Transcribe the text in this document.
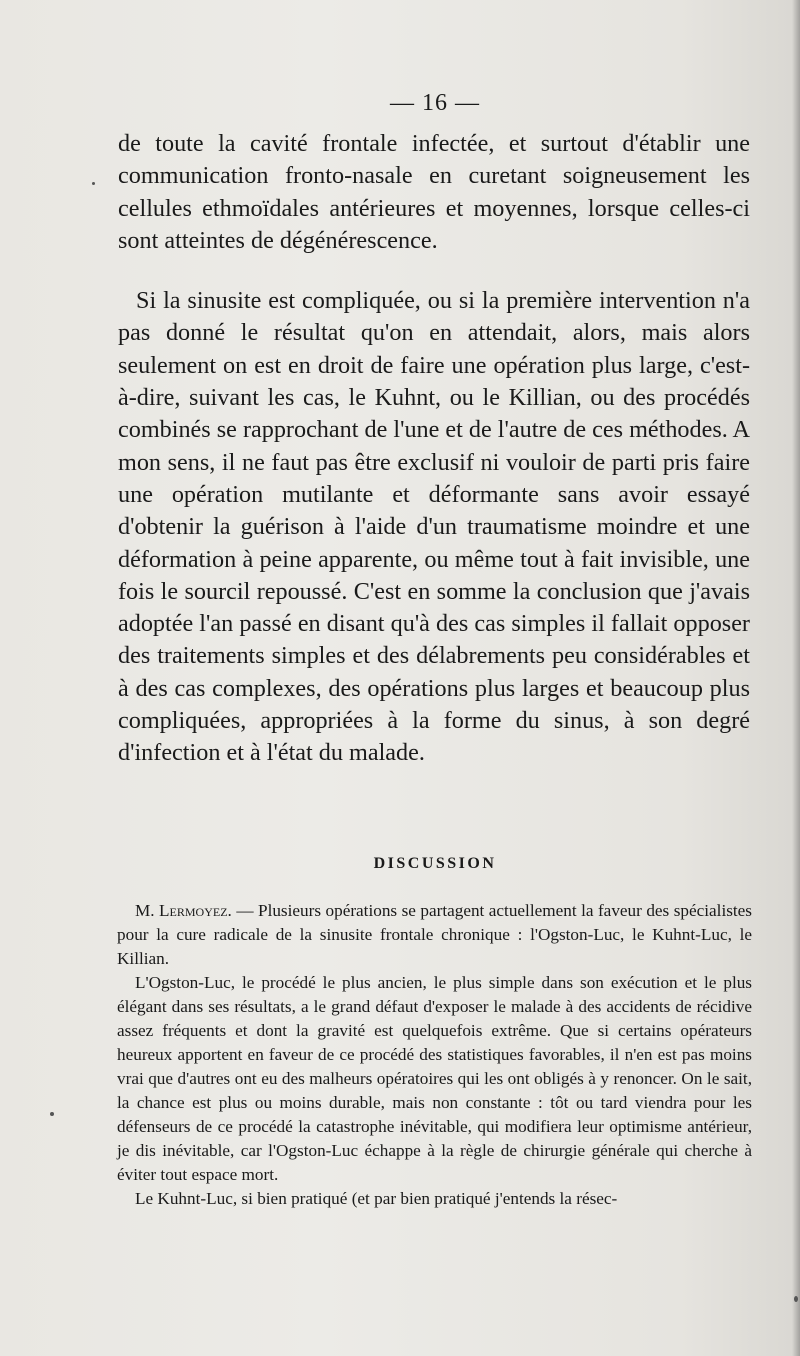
— 16 —

de toute la cavité frontale infectée, et surtout d'établir une communication fronto-nasale en curetant soigneusement les cellules ethmoïdales antérieures et moyennes, lorsque celles-ci sont atteintes de dégénérescence.

Si la sinusite est compliquée, ou si la première intervention n'a pas donné le résultat qu'on en attendait, alors, mais alors seulement on est en droit de faire une opération plus large, c'est-à-dire, suivant les cas, le Kuhnt, ou le Killian, ou des procédés combinés se rapprochant de l'une et de l'autre de ces méthodes. A mon sens, il ne faut pas être exclusif ni vouloir de parti pris faire une opération mutilante et déformante sans avoir essayé d'obtenir la guérison à l'aide d'un traumatisme moindre et une déformation à peine apparente, ou même tout à fait invisible, une fois le sourcil repoussé. C'est en somme la conclusion que j'avais adoptée l'an passé en disant qu'à des cas simples il fallait opposer des traitements simples et des délabrements peu considérables et à des cas complexes, des opérations plus larges et beaucoup plus compliquées, appropriées à la forme du sinus, à son degré d'infection et à l'état du malade.

DISCUSSION

M. Lermoyez. — Plusieurs opérations se partagent actuellement la faveur des spécialistes pour la cure radicale de la sinusite frontale chronique : l'Ogston-Luc, le Kuhnt-Luc, le Killian.

L'Ogston-Luc, le procédé le plus ancien, le plus simple dans son exécution et le plus élégant dans ses résultats, a le grand défaut d'exposer le malade à des accidents de récidive assez fréquents et dont la gravité est quelquefois extrême. Que si certains opérateurs heureux apportent en faveur de ce procédé des statistiques favorables, il n'en est pas moins vrai que d'autres ont eu des malheurs opératoires qui les ont obligés à y renoncer. On le sait, la chance est plus ou moins durable, mais non constante : tôt ou tard viendra pour les défenseurs de ce procédé la catastrophe inévitable, qui modifiera leur optimisme antérieur, je dis inévitable, car l'Ogston-Luc échappe à la règle de chirurgie générale qui cherche à éviter tout espace mort.

Le Kuhnt-Luc, si bien pratiqué (et par bien pratiqué j'entends la résec-
